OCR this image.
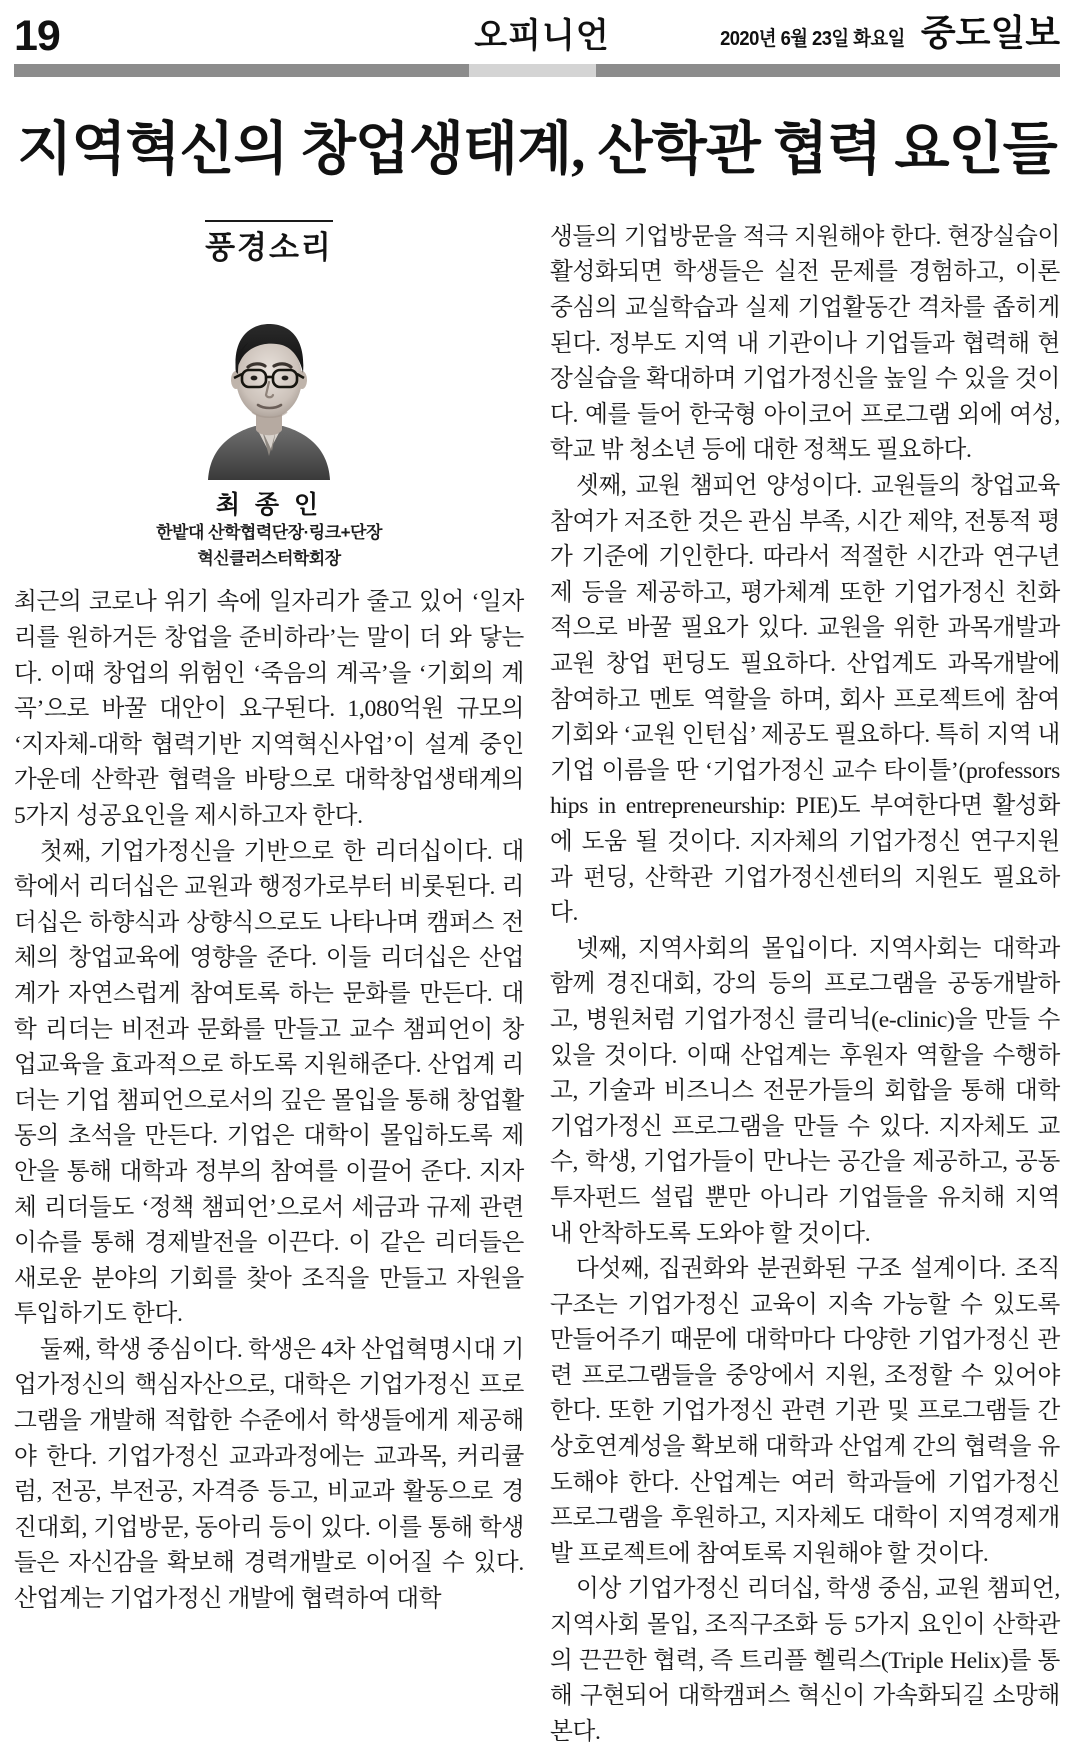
19	오피니언	2020년 6월 23일 화요일 중도일보
지역혁신의 창업생태계, 산학관 협력 요인들
풍경소리
최 종 인
한밭대 산학협력단장·링크+단장
혁신클러스터학회장

최근의 코로나 위기 속에 일자리가 줄고 있어 ‘일자리를 원하거든 창업을 준비하라’는 말이 더 와 닿는다. 이때 창업의 위험인 ‘죽음의 계곡’을 ‘기회의 계곡’으로 바꿀 대안이 요구된다. 1,080억원 규모의 ‘지자체-대학 협력기반 지역혁신사업’이 설계 중인 가운데 산학관 협력을 바탕으로 대학창업생태계의 5가지 성공요인을 제시하고자 한다.

첫째, 기업가정신을 기반으로 한 리더십이다. 대학에서 리더십은 교원과 행정가로부터 비롯된다. 리더십은 하향식과 상향식으로도 나타나며 캠퍼스 전체의 창업교육에 영향을 준다. 이들 리더십은 산업계가 자연스럽게 참여토록 하는 문화를 만든다. 대학 리더는 비전과 문화를 만들고 교수 챔피언이 창업교육을 효과적으로 하도록 지원해준다. 산업계 리더는 기업 챔피언으로서의 깊은 몰입을 통해 창업활동의 초석을 만든다. 기업은 대학이 몰입하도록 제안을 통해 대학과 정부의 참여를 이끌어 준다. 지자체 리더들도 ‘정책 챔피언’으로서 세금과 규제 관련 이슈를 통해 경제발전을 이끈다. 이 같은 리더들은 새로운 분야의 기회를 찾아 조직을 만들고 자원을 투입하기도 한다.

둘째, 학생 중심이다. 학생은 4차 산업혁명시대 기업가정신의 핵심자산으로, 대학은 기업가정신 프로그램을 개발해 적합한 수준에서 학생들에게 제공해야 한다. 기업가정신 교과과정에는 교과목, 커리큘럼, 전공, 부전공, 자격증 등고, 비교과 활동으로 경진대회, 기업방문, 동아리 등이 있다. 이를 통해 학생들은 자신감을 확보해 경력개발로 이어질 수 있다. 산업계는 기업가정신 개발에 협력하여 대학

생들의 기업방문을 적극 지원해야 한다. 현장실습이 활성화되면 학생들은 실전 문제를 경험하고, 이론 중심의 교실학습과 실제 기업활동간 격차를 좁히게 된다. 정부도 지역 내 기관이나 기업들과 협력해 현장실습을 확대하며 기업가정신을 높일 수 있을 것이다. 예를 들어 한국형 아이코어 프로그램 외에 여성, 학교 밖 청소년 등에 대한 정책도 필요하다.

셋째, 교원 챔피언 양성이다. 교원들의 창업교육 참여가 저조한 것은 관심 부족, 시간 제약, 전통적 평가 기준에 기인한다. 따라서 적절한 시간과 연구년제 등을 제공하고, 평가체계 또한 기업가정신 친화적으로 바꿀 필요가 있다. 교원을 위한 과목개발과 교원 창업 펀딩도 필요하다. 산업계도 과목개발에 참여하고 멘토 역할을 하며, 회사 프로젝트에 참여기회와 ‘교원 인턴십’ 제공도 필요하다. 특히 지역 내 기업 이름을 딴 ‘기업가정신 교수 타이틀’(professorships in entrepreneurship: PIE)도 부여한다면 활성화에 도움 될 것이다. 지자체의 기업가정신 연구지원과 펀딩, 산학관 기업가정신센터의 지원도 필요하다.

넷째, 지역사회의 몰입이다. 지역사회는 대학과 함께 경진대회, 강의 등의 프로그램을 공동개발하고, 병원처럼 기업가정신 클리닉(e-clinic)을 만들 수 있을 것이다. 이때 산업계는 후원자 역할을 수행하고, 기술과 비즈니스 전문가들의 회합을 통해 대학 기업가정신 프로그램을 만들 수 있다. 지자체도 교수, 학생, 기업가들이 만나는 공간을 제공하고, 공동투자펀드 설립 뿐만 아니라 기업들을 유치해 지역 내 안착하도록 도와야 할 것이다.

다섯째, 집권화와 분권화된 구조 설계이다. 조직구조는 기업가정신 교육이 지속 가능할 수 있도록 만들어주기 때문에 대학마다 다양한 기업가정신 관련 프로그램들을 중앙에서 지원, 조정할 수 있어야 한다. 또한 기업가정신 관련 기관 및 프로그램들 간 상호연계성을 확보해 대학과 산업계 간의 협력을 유도해야 한다. 산업계는 여러 학과들에 기업가정신 프로그램을 후원하고, 지자체도 대학이 지역경제개발 프로젝트에 참여토록 지원해야 할 것이다.

이상 기업가정신 리더십, 학생 중심, 교원 챔피언, 지역사회 몰입, 조직구조화 등 5가지 요인이 산학관의 끈끈한 협력, 즉 트리플 헬릭스(Triple Helix)를 통해 구현되어 대학캠퍼스 혁신이 가속화되길 소망해본다.
